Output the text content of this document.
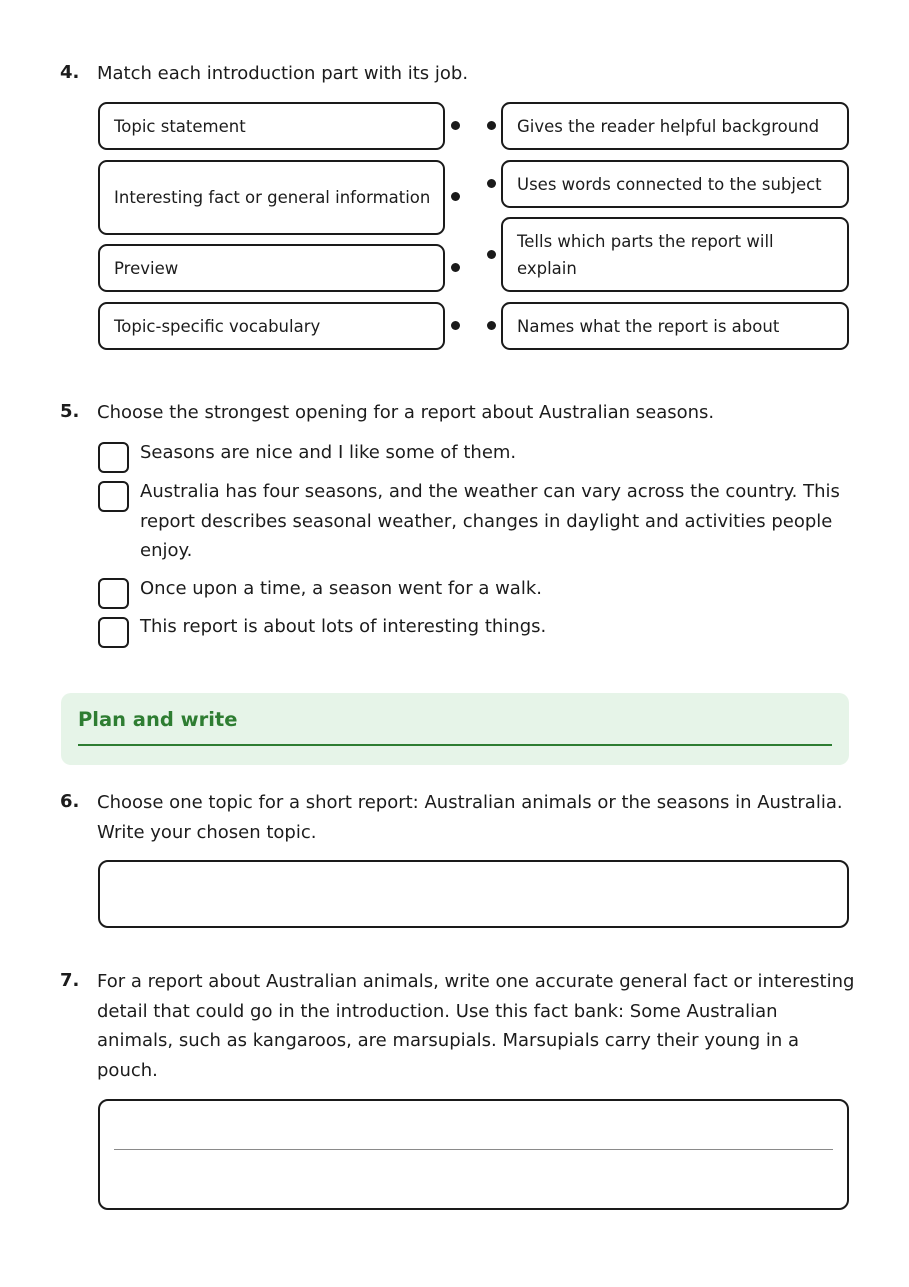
4. Match each introduction part with its job.
Topic statement
Interesting fact or general information
Preview
Topic-specific vocabulary
Gives the reader helpful background
Uses words connected to the subject
Tells which parts the report will explain
Names what the report is about
5. Choose the strongest opening for a report about Australian seasons.
Seasons are nice and I like some of them.
Australia has four seasons, and the weather can vary across the country. This report describes seasonal weather, changes in daylight and activities people enjoy.
Once upon a time, a season went for a walk.
This report is about lots of interesting things.
Plan and write
6. Choose one topic for a short report: Australian animals or the seasons in Australia. Write your chosen topic.
7. For a report about Australian animals, write one accurate general fact or interesting detail that could go in the introduction. Use this fact bank: Some Australian animals, such as kangaroos, are marsupials. Marsupials carry their young in a pouch.
